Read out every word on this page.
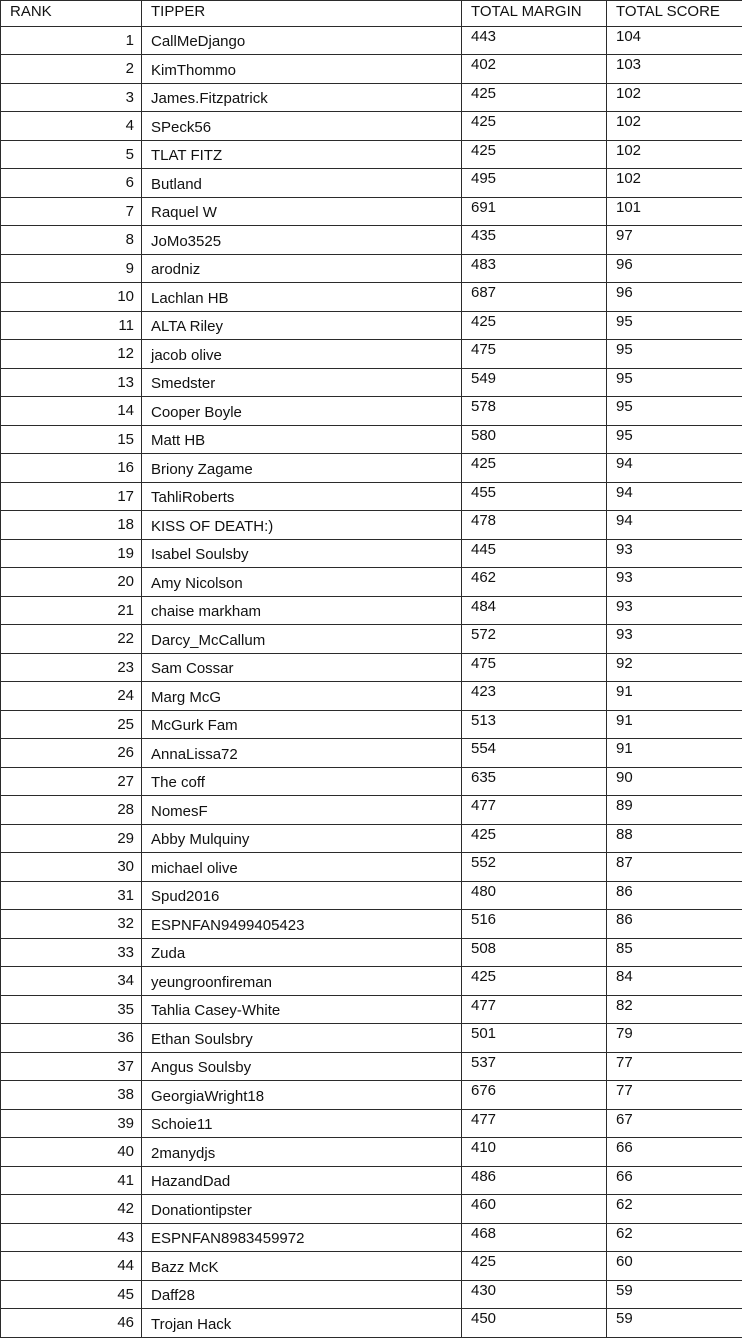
RANK	TIPPER	TOTAL MARGIN	TOTAL SCORE
1	CallMeDjango	443	104
2	KimThommo	402	103
3	James.Fitzpatrick	425	102
4	SPeck56	425	102
5	TLAT FITZ	425	102
6	Butland	495	102
7	Raquel W	691	101
8	JoMo3525	435	97
9	arodniz	483	96
10	Lachlan HB	687	96
11	ALTA Riley	425	95
12	jacob olive	475	95
13	Smedster	549	95
14	Cooper Boyle	578	95
15	Matt HB	580	95
16	Briony Zagame	425	94
17	TahliRoberts	455	94
18	KISS OF DEATH:)	478	94
19	Isabel Soulsby	445	93
20	Amy Nicolson	462	93
21	chaise markham	484	93
22	Darcy_McCallum	572	93
23	Sam Cossar	475	92
24	Marg McG	423	91
25	McGurk Fam	513	91
26	AnnaLissa72	554	91
27	The coff	635	90
28	NomesF	477	89
29	Abby Mulquiny	425	88
30	michael olive	552	87
31	Spud2016	480	86
32	ESPNFAN9499405423	516	86
33	Zuda	508	85
34	yeungroonfireman	425	84
35	Tahlia Casey-White	477	82
36	Ethan Soulsbry	501	79
37	Angus Soulsby	537	77
38	GeorgiaWright18	676	77
39	Schoie11	477	67
40	2manydjs	410	66
41	HazandDad	486	66
42	Donationtipster	460	62
43	ESPNFAN8983459972	468	62
44	Bazz McK	425	60
45	Daff28	430	59
46	Trojan Hack	450	59
